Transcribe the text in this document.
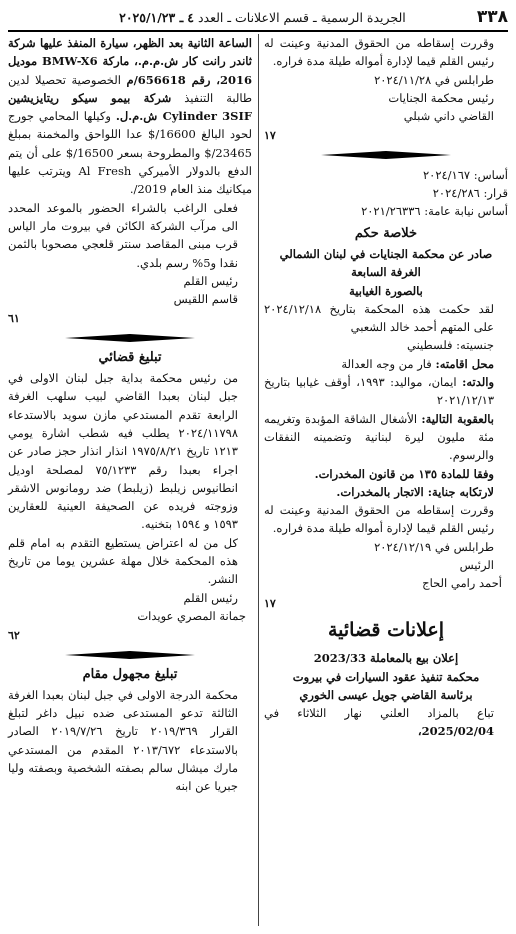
٣٣٨
الجريدة الرسمية ـ قسم الاعلانات ـ العدد ٤ ـ ٢٠٢٥/١/٢٣

وقررت إسقاطه من الحقوق المدنية وعينت له رئيس القلم قيما لإدارة أمواله طيلة مدة فراره.

طرابلس في ٢٠٢٤/١١/٢٨

رئيس محكمة الجنايات

القاضي داني شبلي

١٧

أساس: ٢٠٢٤/١٦٧

قرار: ٢٠٢٤/٢٨٦

أساس نيابة عامة: ٢٠٢١/٢٦٣٣٦

خلاصة حكم

صادر عن محكمة الجنايات في لبنان الشمالي

الغرفة السابعة

بالصورة الغيابية

لقد حكمت هذه المحكمة بتاريخ ٢٠٢٤/١٢/١٨ على المتهم أحمد خالد الشعبي

جنسيته: فلسطيني

محل اقامته: فار من وجه العدالة

والدته: ايمان، موالید: ١٩٩٣، أوقف غيابيا بتاريخ ٢٠٢١/١٢/١٣

بالعقوبة التالية: الأشغال الشاقة المؤبدة وتغريمه مئة مليون ليرة لبنانية وتضمينه النفقات والرسوم.

وفقا للمادة ١٣٥ من قانون المخدرات.

لارتكابه جناية: الاتجار بالمخدرات.

وقررت إسقاطه من الحقوق المدنية وعينت له رئيس القلم قيما لإدارة أمواله طيلة مدة فراره.

طرابلس في ٢٠٢٤/١٢/١٩

الرئيس

أحمد رامي الحاج

١٧

إعلانات قضائية

إعلان بيع بالمعاملة 2023/33

محكمة تنفيذ عقود السيارات في بيروت

برئاسة القاضي جويل عيسى الخوري

تباع بالمزاد العلني نهار الثلاثاء في 2025/02/04،

الساعة الثانية بعد الظهر، سيارة المنفذ عليها شركة ثاندر رانت كار ش.م.م.، ماركة BMW-X6 موديل 2016، رقم 656618/م الخصوصية تحصيلا لدين طالبة التنفيذ شركة بيمو سيكو ريتايزيشين Cylinder 3SIF ش.م.ل. وكيلها المحامي جورج لحود البالغ 16600/$ عدا اللواحق والمخمنة بمبلغ 23465/$ والمطروحة بسعر 16500/$ على أن يتم الدفع بالدولار الأميركي Al Fresh ويترتب عليها ميكانيك منذ العام 2019/.

فعلى الراغب بالشراء الحضور بالموعد المحدد الى مرآب الشركة الكائن في بيروت مار الياس قرب مبنى المقاصد سنتر قلعجي مصحوبا بالثمن نقدا و5% رسم بلدي.

رئيس القلم

قاسم اللقيس

٦١

تبليغ قضائي

من رئيس محكمة بداية جبل لبنان الاولى في جبل لبنان بعبدا القاضي لبيب سلهب الغرفة الرابعة تقدم المستدعي مازن سويد بالاستدعاء ٢٠٢٤/١١٧٩٨ يطلب فيه شطب اشارة يومي ١٢١٣ تاريخ ١٩٧٥/٨/٢١ انذار انذار حجز صادر عن اجراء بعبدا رقم ٧٥/١٢٣٣ لمصلحة اوديل انطانيوس زيلبط (زيلبط) ضد رومانوس الاشقر وزوجته فريده عن الصحيفة العينية للعقارين ١٥٩٣ و ١٥٩٤ بتخنيه.

كل من له اعتراض يستطيع التقدم به امام قلم هذه المحكمة خلال مهلة عشرين يوما من تاريخ النشر.

رئيس القلم

جمانة المصري عويدات

٦٢

تبليغ مجهول مقام

محكمة الدرجة الاولى في جبل لبنان بعبدا الغرفة الثالثة تدعو المستدعى ضده نبيل داغر لتبلغ القرار ٢٠١٩/٣٦٩ تاريخ ٢٠١٩/٧/٢٦ الصادر بالاستدعاء ٢٠١٣/٦٧٢ المقدم من المستدعي مارك ميشال سالم بصفته الشخصية وبصفته وليا جبريا عن ابنه
